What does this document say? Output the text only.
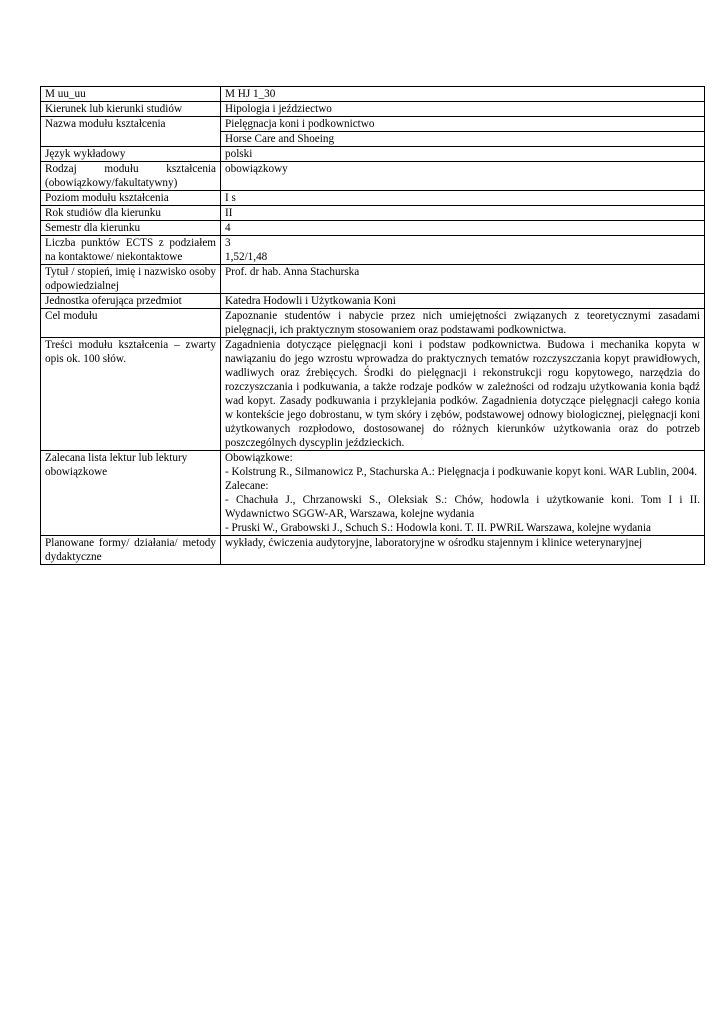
M uu_uu	M HJ 1_30
Kierunek lub kierunki studiów	Hipologia i jeździectwo
Nazwa modułu kształcenia	Pielęgnacja koni i podkownictwo
	Horse Care and Shoeing
Język wykładowy	polski
Rodzaj modułu kształcenia (obowiązkowy/fakultatywny)	obowiązkowy
Poziom modułu kształcenia	I s
Rok studiów dla kierunku	II
Semestr dla kierunku	4
Liczba punktów ECTS z podziałem na kontaktowe/ niekontaktowe	3
1,52/1,48

Tytuł / stopień, imię i nazwisko osoby odpowiedzialnej	Prof. dr hab. Anna Stachurska
Jednostka oferująca przedmiot	Katedra Hodowli i Użytkowania Koni
Cel modułu	Zapoznanie studentów i nabycie przez nich umiejętności związanych z teoretycznymi zasadami pielęgnacji, ich praktycznym stosowaniem oraz podstawami podkownictwa.
Treści modułu kształcenia – zwarty opis ok. 100 słów.	Zagadnienia dotyczące pielęgnacji koni i podstaw podkownictwa. Budowa i mechanika kopyta w nawiązaniu do jego wzrostu wprowadza do praktycznych tematów rozczyszczania kopyt prawidłowych, wadliwych oraz źrebięcych. Środki do pielęgnacji i rekonstrukcji rogu kopytowego, narzędzia do rozczyszczania i podkuwania, a także rodzaje podków w zależności od rodzaju użytkowania konia bądź wad kopyt. Zasady podkuwania i przyklejania podków. Zagadnienia dotyczące pielęgnacji całego konia w kontekście jego dobrostanu, w tym skóry i zębów, podstawowej odnowy biologicznej, pielęgnacji koni użytkowanych rozpłodowo, dostosowanej do różnych kierunków użytkowania oraz do potrzeb poszczególnych dyscyplin jeździeckich.
Zalecana lista lektur lub lektury obowiązkowe	Obowiązkowe:
- Kolstrung R., Silmanowicz P., Stachurska A.: Pielęgnacja i podkuwanie kopyt koni. WAR Lublin, 2004.
Zalecane:
- Chachuła J., Chrzanowski S., Oleksiak S.: Chów, hodowla i użytkowanie koni. Tom I i II. Wydawnictwo SGGW-AR, Warszawa, kolejne wydania
- Pruski W., Grabowski J., Schuch S.: Hodowla koni. T. II. PWRiL Warszawa, kolejne wydania

Planowane formy/ działania/ metody dydaktyczne	wykłady, ćwiczenia audytoryjne, laboratoryjne w ośrodku stajennym i klinice weterynaryjnej
